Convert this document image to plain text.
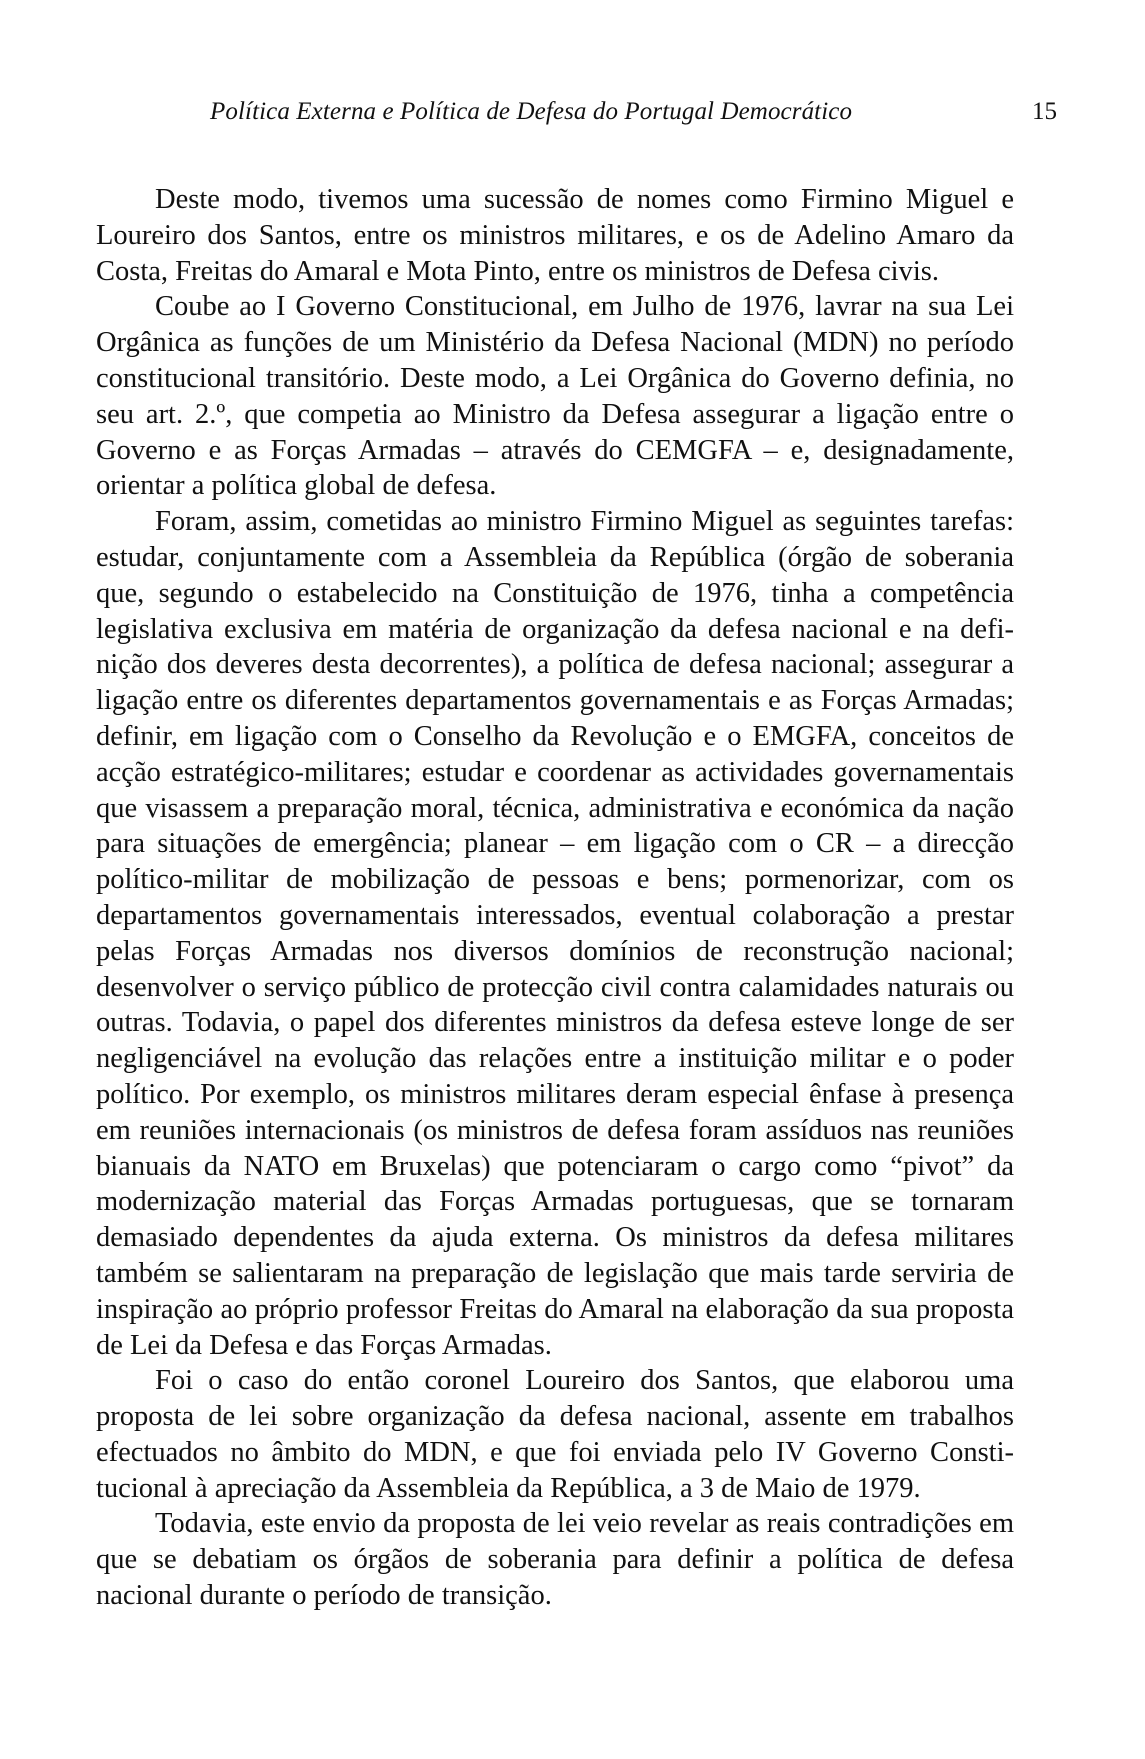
Política Externa e Política de Defesa do Portugal Democrático	15

Deste modo, tivemos uma sucessão de nomes como Firmino Miguel e Loureiro dos Santos, entre os ministros militares, e os de Adelino Amaro da Costa, Freitas do Amaral e Mota Pinto, entre os ministros de Defesa civis.

Coube ao I Governo Constitucional, em Julho de 1976, lavrar na sua Lei Orgânica as funções de um Ministério da Defesa Nacional (MDN) no período constitucional transitório. Deste modo, a Lei Orgânica do Governo definia, no seu art. 2.º, que competia ao Ministro da Defesa assegurar a ligação entre o Governo e as Forças Armadas – através do CEMGFA – e, designadamente, orientar a política global de defesa.

Foram, assim, cometidas ao ministro Firmino Miguel as seguintes tarefas: estudar, conjuntamente com a Assembleia da República (órgão de soberania que, segundo o estabelecido na Constituição de 1976, tinha a competência legislativa exclusiva em matéria de organização da defesa nacional e na definição dos deveres desta decorrentes), a política de defesa nacional; assegurar a ligação entre os diferentes departamentos governamentais e as Forças Armadas; definir, em ligação com o Conselho da Revolução e o EMGFA, conceitos de acção estratégico-militares; estudar e coordenar as actividades governamentais que visassem a preparação moral, técnica, administrativa e económica da nação para situações de emergência; planear – em ligação com o CR – a direcção político-militar de mobilização de pessoas e bens; pormenorizar, com os departamentos governamentais interessados, eventual colaboração a prestar pelas Forças Armadas nos diversos domínios de reconstrução nacional; desenvolver o serviço público de protecção civil contra calamidades naturais ou outras. Todavia, o papel dos diferentes ministros da defesa esteve longe de ser negligenciável na evolução das relações entre a instituição militar e o poder político. Por exemplo, os ministros militares deram especial ênfase à presença em reuniões internacionais (os ministros de defesa foram assíduos nas reuniões bianuais da NATO em Bruxelas) que potenciaram o cargo como “pivot” da modernização material das Forças Armadas portuguesas, que se tornaram demasiado dependentes da ajuda externa. Os ministros da defesa militares também se salientaram na preparação de legislação que mais tarde serviria de inspiração ao próprio professor Freitas do Amaral na elaboração da sua proposta de Lei da Defesa e das Forças Armadas.

Foi o caso do então coronel Loureiro dos Santos, que elaborou uma proposta de lei sobre organização da defesa nacional, assente em trabalhos efectuados no âmbito do MDN, e que foi enviada pelo IV Governo Constitucional à apreciação da Assembleia da República, a 3 de Maio de 1979.

Todavia, este envio da proposta de lei veio revelar as reais contradições em que se debatiam os órgãos de soberania para definir a política de defesa nacional durante o período de transição.
